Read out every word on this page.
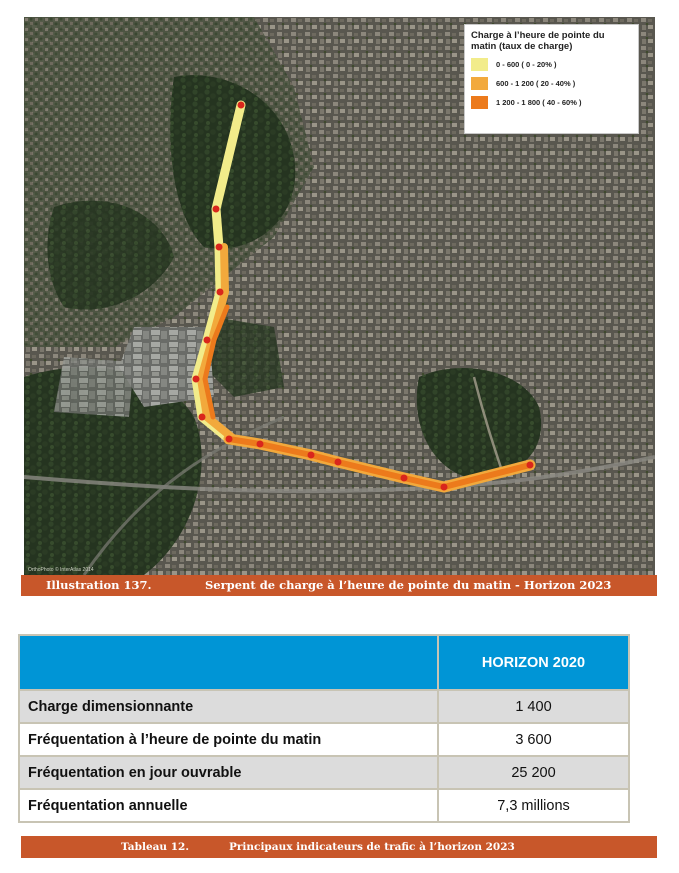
OrthoPhoto © InterAtlas 2014
Charge à l’heure de pointe du matin (taux de charge)
0 - 600 ( 0 - 20% )
600 - 1 200 ( 20 - 40% )
1 200 - 1 800 ( 40 - 60% )
Illustration 137.	Serpent de charge à l’heure de pointe du matin - Horizon 2023
	HORIZON 2020
Charge dimensionnante	1 400
Fréquentation à l’heure de pointe du matin	3 600
Fréquentation en jour ouvrable	25 200
Fréquentation annuelle	7,3 millions
Tableau 12.	Principaux indicateurs de trafic à l’horizon 2023
